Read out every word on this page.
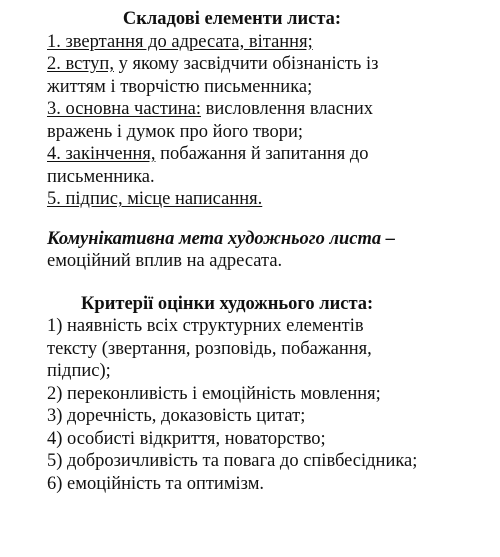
Складові елементи листа:
1. звертання до адресата, вітання;
2. вступ, у якому засвідчити обізнаність із
життям і творчістю письменника;
3. основна частина: висловлення власних
вражень і думок про його твори;
4. закінчення, побажання й запитання до
письменника.
5. підпис, місце написання.
Комунікативна мета художнього листа –
емоційний вплив на адресата.
Критерії оцінки художнього листа:
1) наявність всіх структурних елементів
тексту (звертання, розповідь, побажання,
підпис);
2) переконливість і емоційність мовлення;
3) доречність, доказовість цитат;
4) особисті відкриття, новаторство;
5) доброзичливість та повага до співбесідника;
6) емоційність та оптимізм.
